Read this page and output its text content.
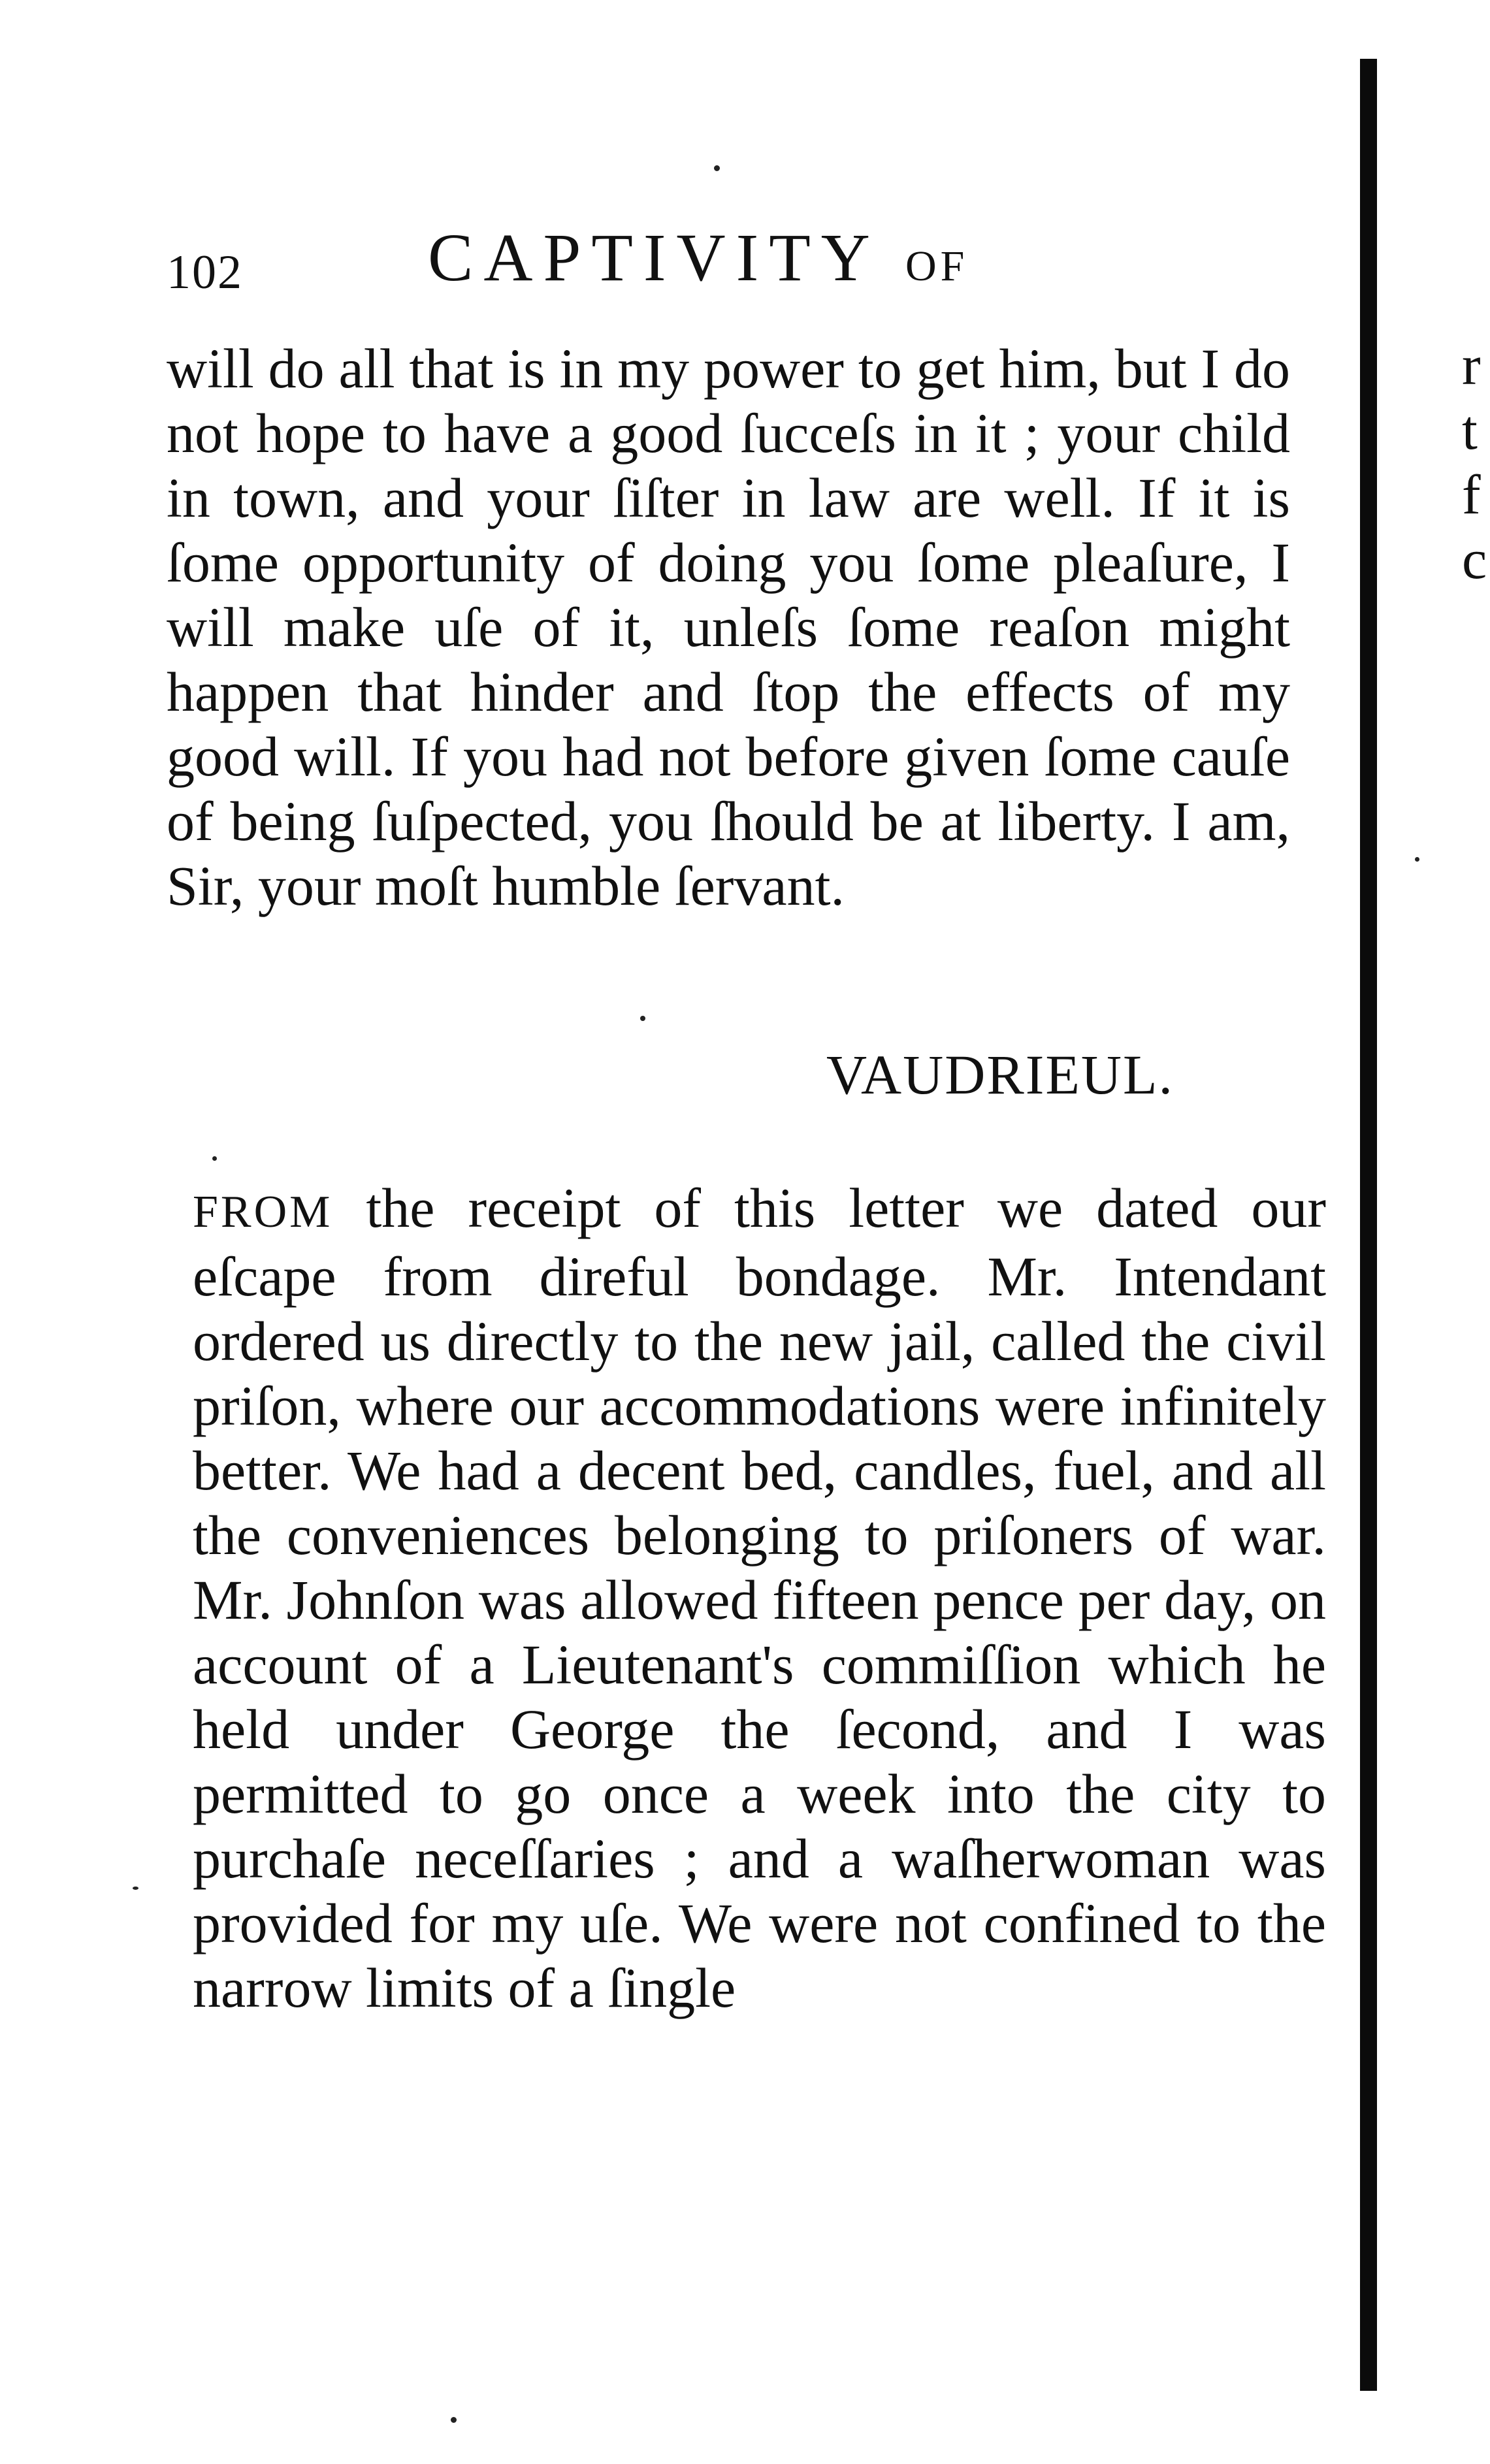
102	CAPTIVITY OF

will do all that is in my power to get him, but I do not hope to have a good ſucceſs in it ; your child in town, and your ſiſter in law are well. If it is ſome opportunity of doing you ſome pleaſure, I will make uſe of it, unleſs ſome reaſon might happen that hinder and ſtop the effects of my good will. If you had not before given ſome cauſe of being ſuſpected, you ſhould be at liberty. I am, Sir, your moſt humble ſervant.

VAUDRIEUL.

FROM the receipt of this letter we dated our eſcape from direful bondage. Mr. Intendant ordered us directly to the new jail, called the civil priſon, where our accommodations were infinitely better. We had a decent bed, candles, fuel, and all the conveniences belonging to priſoners of war. Mr. Johnſon was allowed fifteen pence per day, on account of a Lieutenant's commiſſion which he held under George the ſecond, and I was permitted to go once a week into the city to purchaſe neceſſaries ; and a waſherwoman was provided for my uſe. We were not confined to the narrow limits of a ſingle

r
t
f
c
